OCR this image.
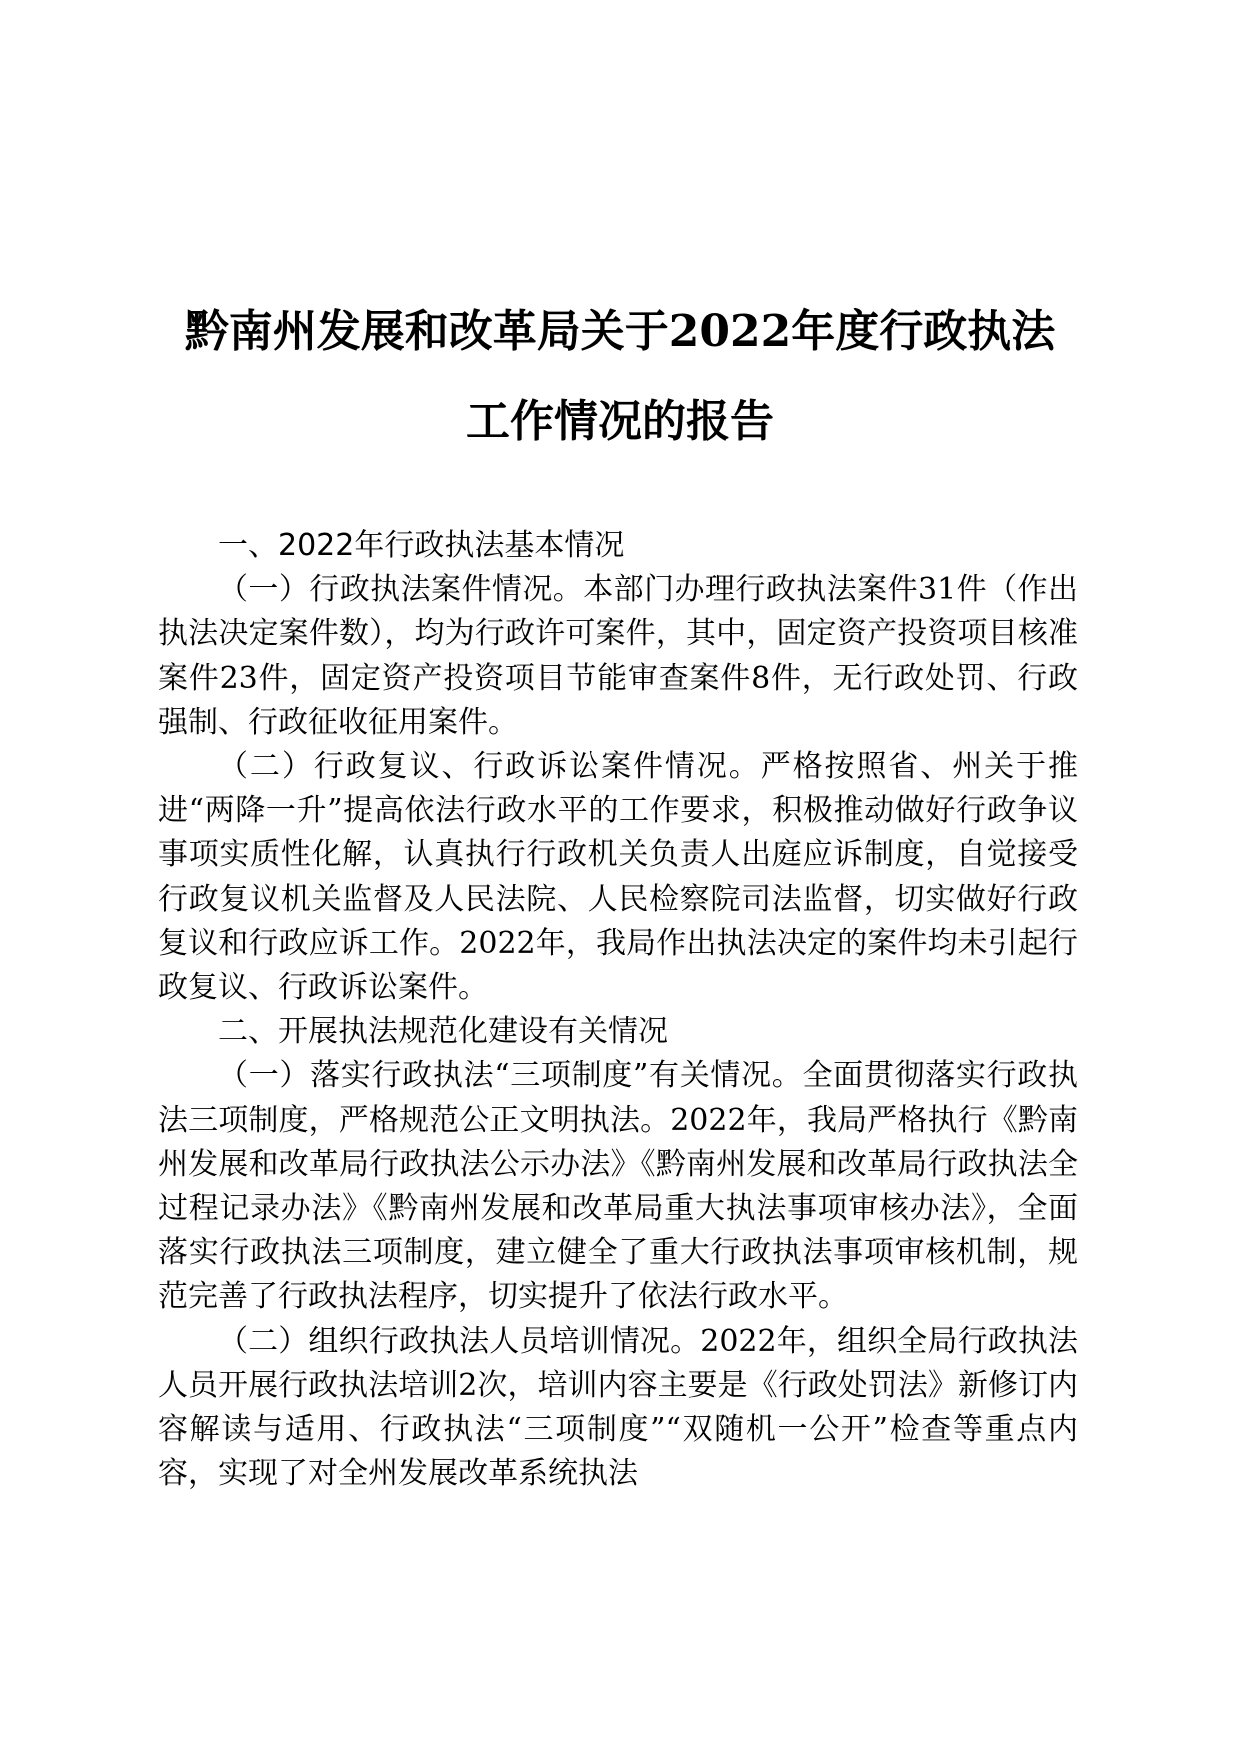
黔南州发展和改革局关于2022年度行政执法
工作情况的报告

一、2022年行政执法基本情况

（一）行政执法案件情况。本部门办理行政执法案件31件（作出执法决定案件数），均为行政许可案件，其中，固定资产投资项目核准案件23件，固定资产投资项目节能审查案件8件，无行政处罚、行政强制、行政征收征用案件。

（二）行政复议、行政诉讼案件情况。严格按照省、州关于推进“两降一升”提高依法行政水平的工作要求，积极推动做好行政争议事项实质性化解，认真执行行政机关负责人出庭应诉制度，自觉接受行政复议机关监督及人民法院、人民检察院司法监督，切实做好行政复议和行政应诉工作。2022年，我局作出执法决定的案件均未引起行政复议、行政诉讼案件。

二、开展执法规范化建设有关情况

（一）落实行政执法“三项制度”有关情况。全面贯彻落实行政执法三项制度，严格规范公正文明执法。2022年，我局严格执行《黔南州发展和改革局行政执法公示办法》《黔南州发展和改革局行政执法全过程记录办法》《黔南州发展和改革局重大执法事项审核办法》，全面落实行政执法三项制度，建立健全了重大行政执法事项审核机制，规范完善了行政执法程序，切实提升了依法行政水平。

（二）组织行政执法人员培训情况。2022年，组织全局行政执法人员开展行政执法培训2次，培训内容主要是《行政处罚法》新修订内容解读与适用、行政执法“三项制度”“双随机一公开”检查等重点内容，实现了对全州发展改革系统执法
